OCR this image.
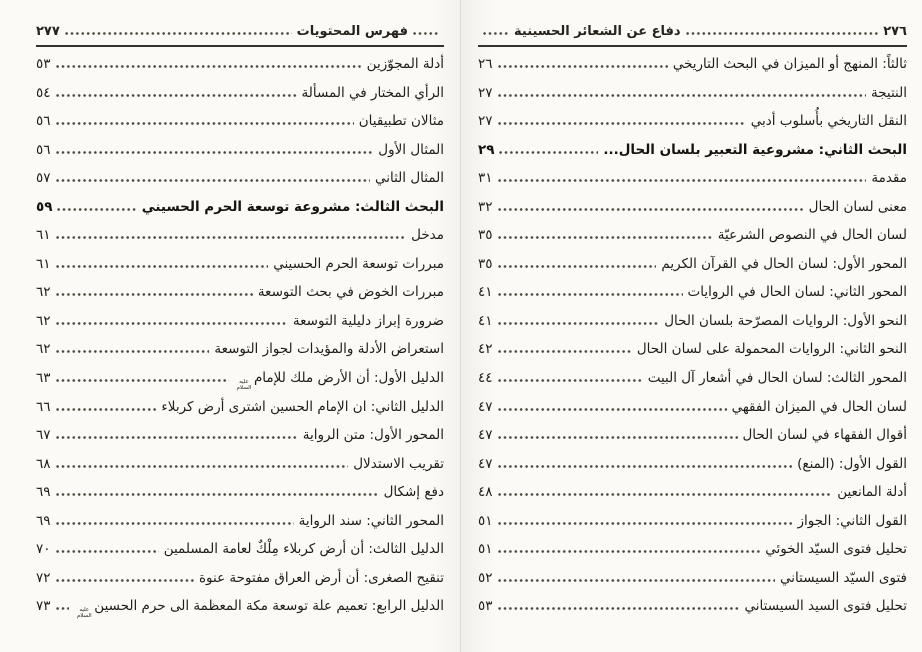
٢٧٦
دفاع عن الشعائر الحسينية
ثالثاً: المنهج أو الميزان في البحث التاريخي
٢٦
النتيجة
٢٧
النقل التاريخي بأُسلوب أدبي
٢٧
البحث الثاني: مشروعية التعبير بلسان الحال...
٢٩
مقدمة
٣١
معنى لسان الحال
٣٢
لسان الحال في النصوص الشرعيّة
٣٥
المحور الأول: لسان الحال في القرآن الكريم
٣٥
المحور الثاني: لسان الحال في الروايات
٤١
النحو الأول: الروايات المصرّحة بلسان الحال
٤١
النحو الثاني: الروايات المحمولة على لسان الحال
٤٢
المحور الثالث: لسان الحال في أشعار آل البيت
٤٤
لسان الحال في الميزان الفقهي
٤٧
أقوال الفقهاء في لسان الحال
٤٧
القول الأول: (المنع)
٤٧
أدلة المانعين
٤٨
القول الثاني: الجواز
٥١
تحليل فتوى السيّد الخوئي
٥١
فتوى السيّد السيستاني
٥٢
تحليل فتوى السيد السيستاني
٥٣
فهرس المحتويات
٢٧٧
أدلة المجوّزين
٥٣
الرأي المختار في المسألة
٥٤
مثالان تطبيقيان
٥٦
المثال الأول
٥٦
المثال الثاني
٥٧
البحث الثالث: مشروعة توسعة الحرم الحسيني
٥٩
مدخل
٦١
مبررات توسعة الحرم الحسيني
٦١
مبررات الخوض في بحث التوسعة
٦٢
ضرورة إبراز دليلية التوسعة
٦٢
استعراض الأدلة والمؤيدات لجواز التوسعة
٦٢
الدليل الأول: أن الأرض ملك للإمام
عليه السلام
٦٣
الدليل الثاني: ان الإمام الحسين اشترى أرض كربلاء
٦٦
المحور الأول: متن الرواية
٦٧
تقريب الاستدلال
٦٨
دفع إشكال
٦٩
المحور الثاني: سند الرواية
٦٩
الدليل الثالث: أن أرض كربلاء مِلْكٌ لعامة المسلمين
٧٠
تنقيح الصغرى: أن أرض العراق مفتوحة عنوة
٧٢
الدليل الرابع: تعميم علة توسعة مكة المعظمة الى حرم الحسين
عليه السلام
٧٣
